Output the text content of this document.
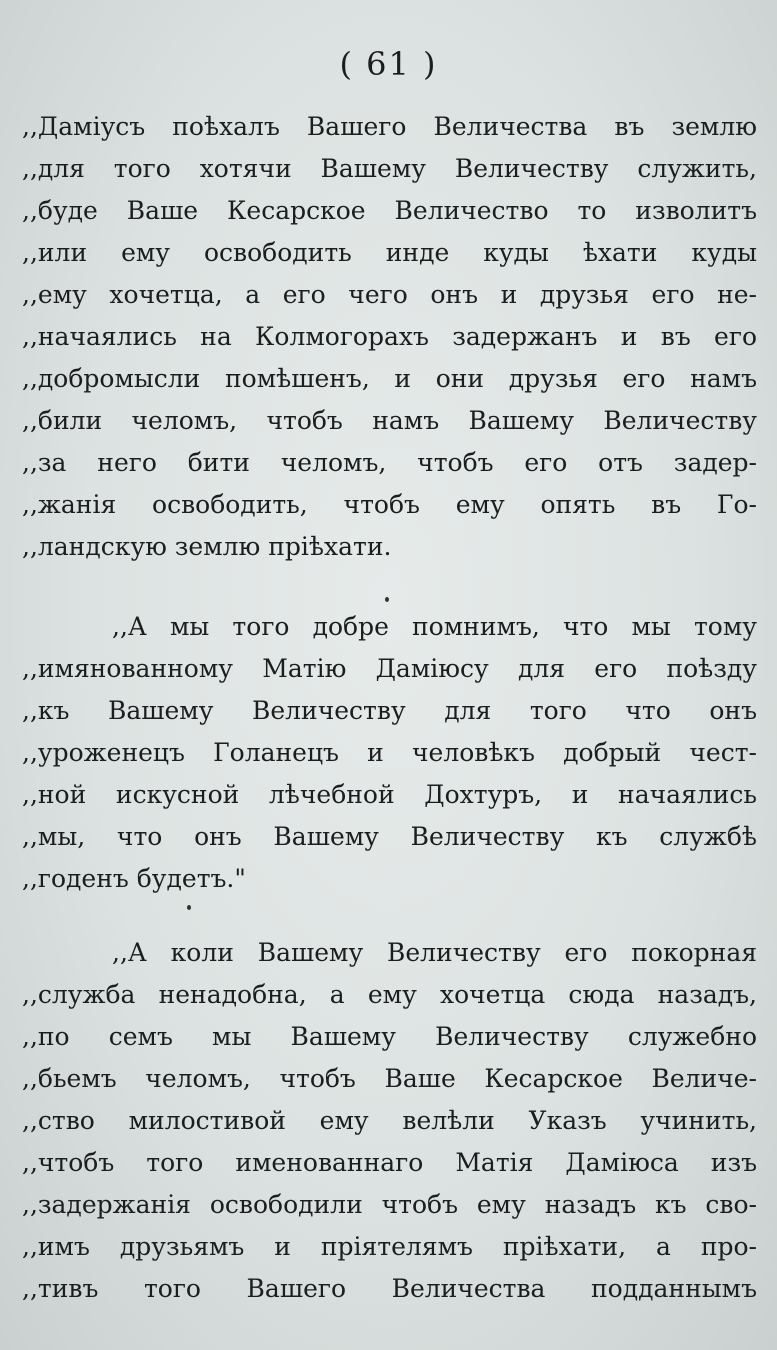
( 61 )
,,Дамiусъ поѣхалъ Вашего Величества въ землю
,,для того хотячи Вашему Величеству служить,
,,буде Ваше Кесарское Величество то изволитъ
,,или ему освободить инде куды ѣхати куды
,,ему хочетца, а его чего онъ и друзья его не-
,,начаялись на Колмогорахъ задержанъ и въ его
,,добромысли помѣшенъ, и они друзья его намъ
,,били челомъ, чтобъ намъ Вашему Величеству
,,за него бити челомъ, чтобъ его отъ задер-
,,жанiя освободить, чтобъ ему опять въ Го-
,,ландскую землю прiѣхати.
,,А мы того добре помнимъ, что мы тому
,,имянованному Матiю Дамiюсу для его поѣзду
,,къ Вашему Величеству для того что онъ
,,уроженецъ Голанецъ и человѣкъ добрый чест-
,,ной искусной лѣчебной Дохтуръ, и начаялись
,,мы, что онъ Вашему Величеству къ службѣ
,,годенъ будетъ."
,,А коли Вашему Величеству его покорная
,,служба ненадобна, а ему хочетца сюда назадъ,
,,по семъ мы Вашему Величеству служебно
,,бьемъ челомъ, чтобъ Ваше Кесарское Величе-
,,ство милостивой ему велѣли Указъ учинить,
,,чтобъ того именованнаго Матiя Дамiюса изъ
,,задержанiя освободили чтобъ ему назадъ къ сво-
,,имъ друзьямъ и прiятелямъ прiѣхати, а про-
,,тивъ того Вашего Величества подданнымъ
